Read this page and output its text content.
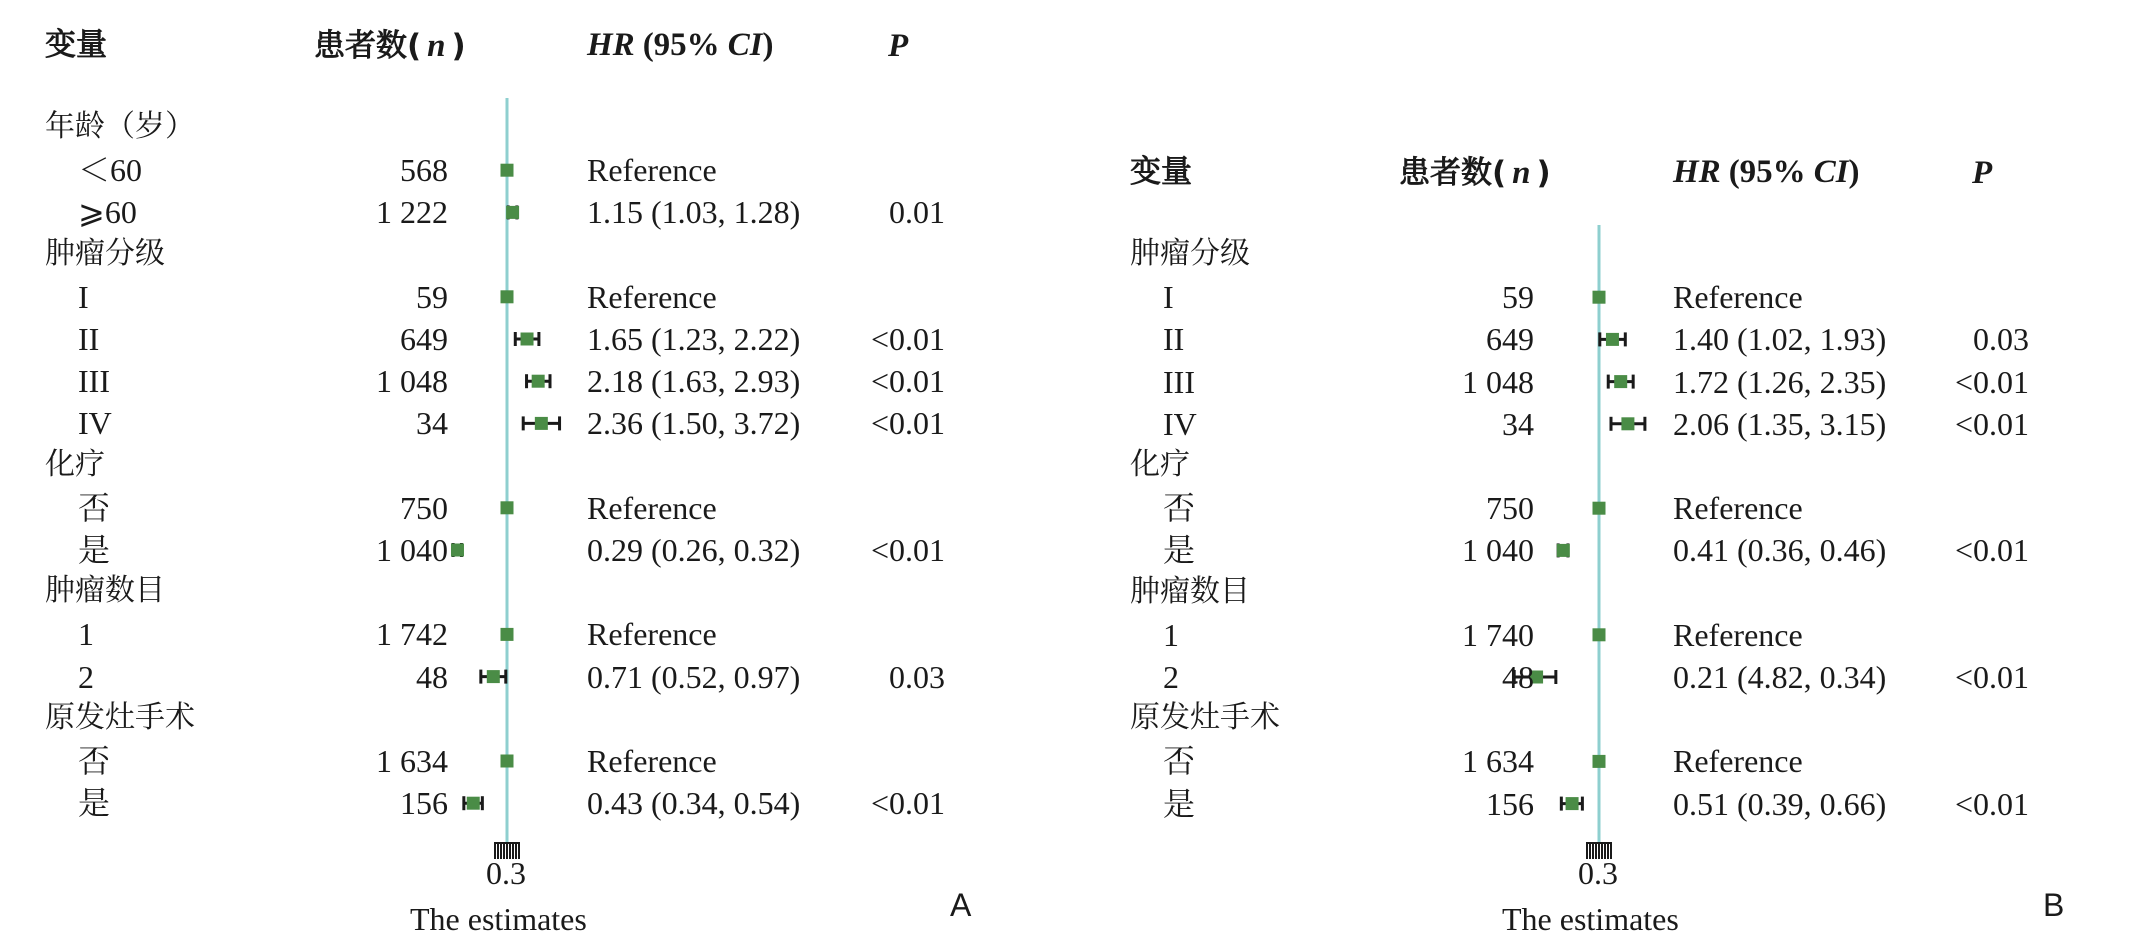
变量	患者数( n )	HR (95% CI)	P
年龄（岁）
＜60	568	Reference
⩾60	1 222	1.15 (1.03, 1.28)	0.01
肿瘤分级
I	59	Reference
II	649	1.65 (1.23, 2.22) <0.01
III	1 048	2.18 (1.63, 2.93) <0.01
IV	34	2.36 (1.50, 3.72) <0.01
化疗
否	750	Reference
是	1 040	0.29 (0.26, 0.32) <0.01
肿瘤数目
1	1 742	Reference
2	48	0.71 (0.52, 0.97)	0.03
原发灶手术
否	1 634	Reference
是	156	0.43 (0.34, 0.54) <0.01
0.3
The estimates	A
变量	患者数( n )	HR (95% CI)	P
肿瘤分级
I	59	Reference
II	649	1.40 (1.02, 1.93)	0.03
III	1 048	1.72 (1.26, 2.35) <0.01
IV	34	2.06 (1.35, 3.15) <0.01
化疗
否	750	Reference
是	1 040	0.41 (0.36, 0.46) <0.01
肿瘤数目
1	1 740	Reference
2	48	0.21 (4.82, 0.34) <0.01
原发灶手术
否	1 634	Reference
是	156	0.51 (0.39, 0.66) <0.01
0.3
The estimates	B
